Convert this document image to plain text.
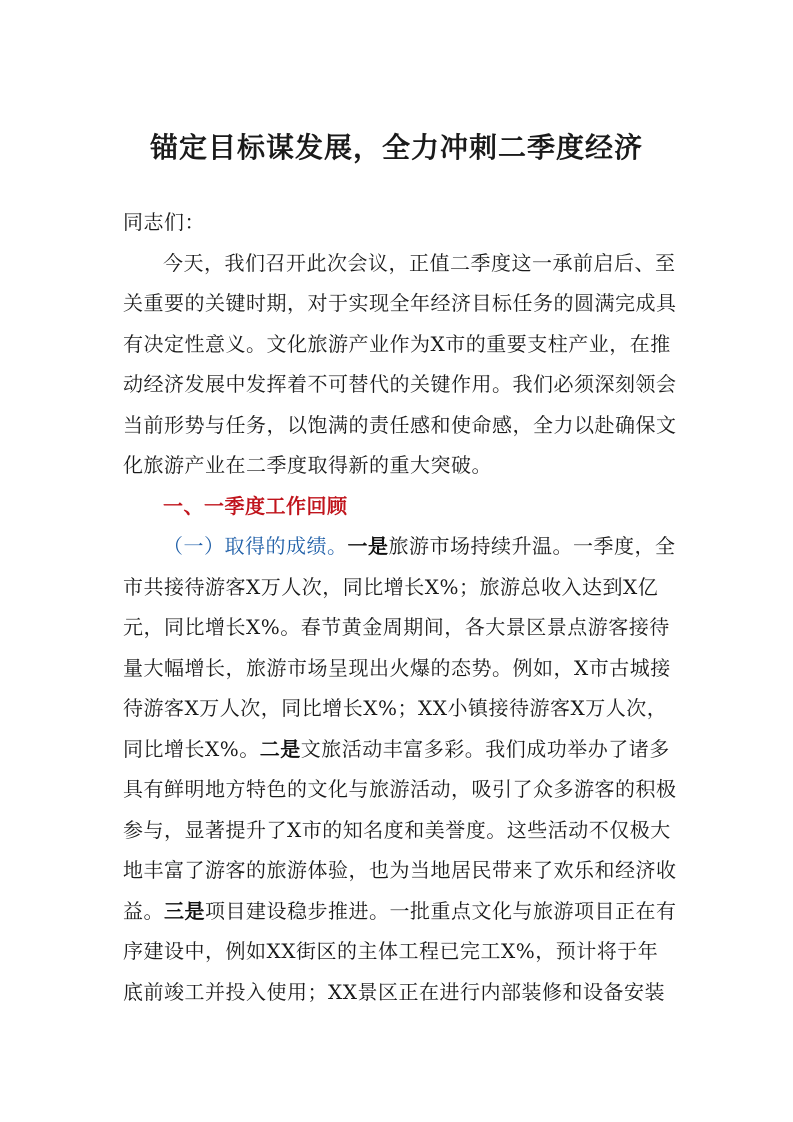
锚定目标谋发展，全力冲刺二季度经济
同志们：
今天，我们召开此次会议，正值二季度这一承前启后、至
关重要的关键时期，对于实现全年经济目标任务的圆满完成具
有决定性意义。文化旅游产业作为X市的重要支柱产业，在推
动经济发展中发挥着不可替代的关键作用。我们必须深刻领会
当前形势与任务，以饱满的责任感和使命感，全力以赴确保文
化旅游产业在二季度取得新的重大突破。
一、一季度工作回顾
（一）取得的成绩。一是旅游市场持续升温。一季度，全
市共接待游客X万人次，同比增长X%；旅游总收入达到X亿
元，同比增长X%。春节黄金周期间，各大景区景点游客接待
量大幅增长，旅游市场呈现出火爆的态势。例如，X市古城接
待游客X万人次，同比增长X%；XX小镇接待游客X万人次，
同比增长X%。二是文旅活动丰富多彩。我们成功举办了诸多
具有鲜明地方特色的文化与旅游活动，吸引了众多游客的积极
参与，显著提升了X市的知名度和美誉度。这些活动不仅极大
地丰富了游客的旅游体验，也为当地居民带来了欢乐和经济收
益。三是项目建设稳步推进。一批重点文化与旅游项目正在有
序建设中，例如XX街区的主体工程已完工X%，预计将于年
底前竣工并投入使用；XX景区正在进行内部装修和设备安装
